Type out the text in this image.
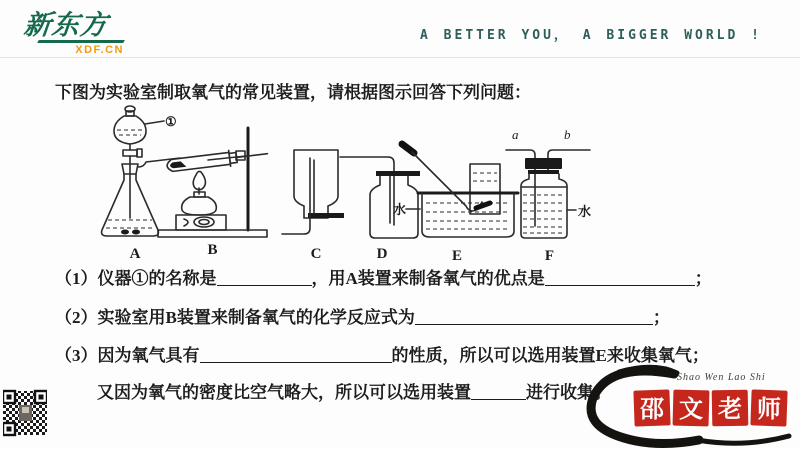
新东方
XDF.CN
A BETTER YOU， A BIGGER WORLD !
下图为实验室制取氧气的常见装置，请根据图示回答下列问题：
①
A	B	C	D
水
E
a	b
水
F
（1）仪器①的名称是	，用A装置来制备氧气的优点是	；
（2）实验室用B装置来制备氧气的化学反应式为	；
（3）因为氧气具有	的性质，所以可以选用装置E来收集氧气；
又因为氧气的密度比空气略大，所以可以选用装置	进行收集。
Shao Wen Lao Shi
邵 文 老 师
